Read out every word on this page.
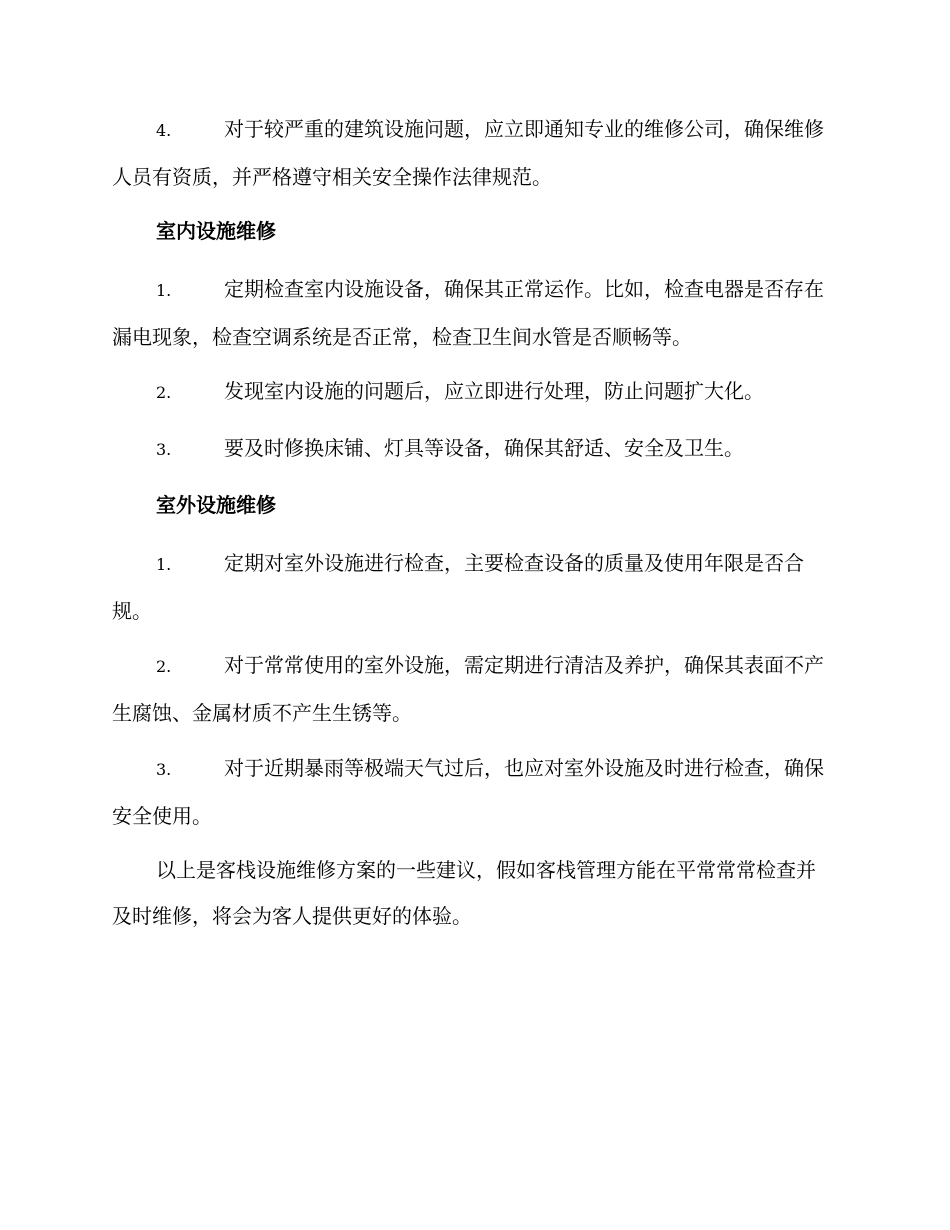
4.	对于较严重的建筑设施问题，应立即通知专业的维修公司，确保维修人员有资质，并严格遵守相关安全操作法律规范。

室内设施维修

1.	定期检查室内设施设备，确保其正常运作。比如，检查电器是否存在漏电现象，检查空调系统是否正常，检查卫生间水管是否顺畅等。

2.	发现室内设施的问题后，应立即进行处理，防止问题扩大化。

3.	要及时修换床铺、灯具等设备，确保其舒适、安全及卫生。

室外设施维修

1.	定期对室外设施进行检查，主要检查设备的质量及使用年限是否合规。

2.	对于常常使用的室外设施，需定期进行清洁及养护，确保其表面不产生腐蚀、金属材质不产生生锈等。

3.	对于近期暴雨等极端天气过后，也应对室外设施及时进行检查，确保安全使用。

以上是客栈设施维修方案的一些建议，假如客栈管理方能在平常常常检查并及时维修，将会为客人提供更好的体验。
